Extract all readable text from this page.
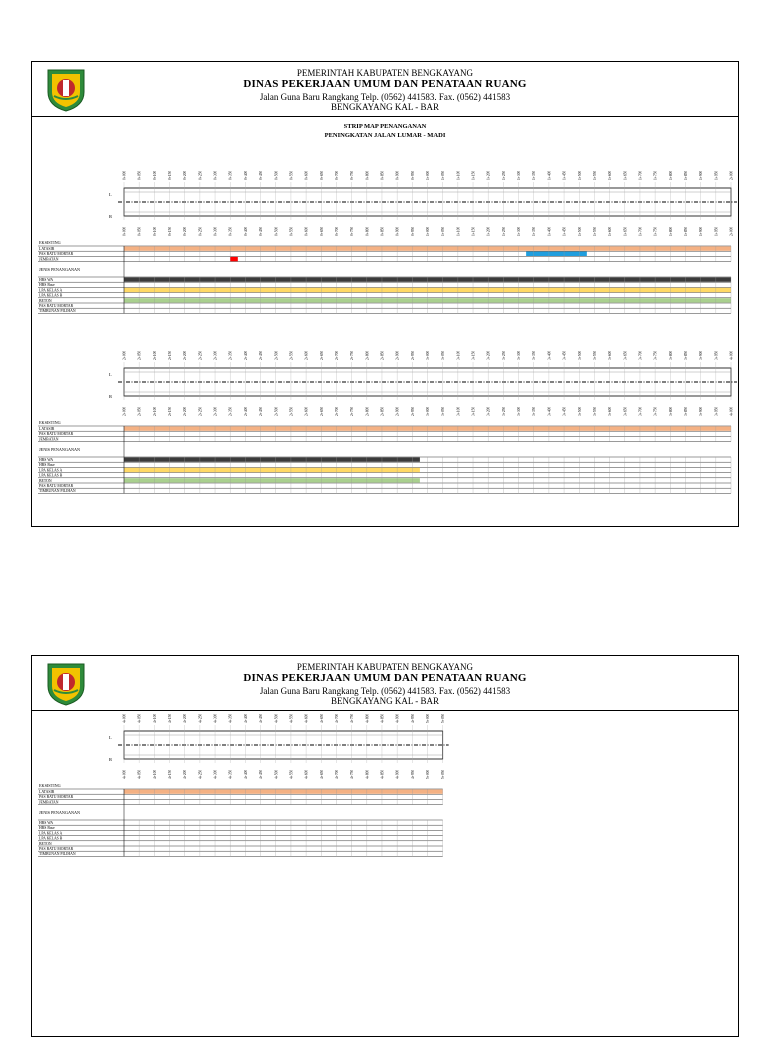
PEMERINTAH KABUPATEN BENGKAYANG
DINAS PEKERJAAN UMUM DAN PENATAAN RUANG
Jalan Guna Baru Rangkang Telp. (0562) 441583. Fax. (0562) 441583
BENGKAYANG KAL - BAR
STRIP MAP PENANGANAN
PENINGKATAN JALAN LUMAR - MADI
0+000	0+050	0+100	0+150	0+200	0+250	0+300	0+350	0+400	0+450	0+500	0+550	0+600	0+650	0+700	0+750	0+800	0+850	0+900	0+950	1+000	1+050	1+100	1+150	1+200	1+250	1+300	1+350	1+400	1+450	1+500	1+550	1+600	1+650	1+700	1+750	1+800	1+850	1+900	1+950	2+000
L
R
0+000	0+050	0+100	0+150	0+200	0+250	0+300	0+350	0+400	0+450	0+500	0+550	0+600	0+650	0+700	0+750	0+800	0+850	0+900	0+950	1+000	1+050	1+100	1+150	1+200	1+250	1+300	1+350	1+400	1+450	1+500	1+550	1+600	1+650	1+700	1+750	1+800	1+850	1+900	1+950	2+000
EKSISTING
LATASIR
PAS BATU MORTAR
JEMBATAN
JENIS PENANGANAN
HRS WA
HRS Base
LPA KELAS A
LPA KELAS B
BETON
PAS BATU MORTAR
TIMBUNAN PILIHAN
2+000	2+050	2+100	2+150	2+200	2+250	2+300	2+350	2+400	2+450	2+500	2+550	2+600	2+650	2+700	2+750	2+800	2+850	2+900	2+950	3+000	3+050	3+100	3+150	3+200	3+250	3+300	3+350	3+400	3+450	3+500	3+550	3+600	3+650	3+700	3+750	3+800	3+850	3+900	3+950	4+000
L
R
2+000	2+050	2+100	2+150	2+200	2+250	2+300	2+350	2+400	2+450	2+500	2+550	2+600	2+650	2+700	2+750	2+800	2+850	2+900	2+950	3+000	3+050	3+100	3+150	3+200	3+250	3+300	3+350	3+400	3+450	3+500	3+550	3+600	3+650	3+700	3+750	3+800	3+850	3+900	3+950	4+000
EKSISTING
LATASIR
PAS BATU MORTAR
JEMBATAN
JENIS PENANGANAN
HRS WA
HRS Base
LPA KELAS A
LPA KELAS B
BETON
PAS BATU MORTAR
TIMBUNAN PILIHAN
PEMERINTAH KABUPATEN BENGKAYANG
DINAS PEKERJAAN UMUM DAN PENATAAN RUANG
Jalan Guna Baru Rangkang Telp. (0562) 441583. Fax. (0562) 441583
BENGKAYANG KAL - BAR
4+000	4+050	4+100	4+150	4+200	4+250	4+300	4+350	4+400	4+450	4+500	4+550	4+600	4+650	4+700	4+750	4+800	4+850	4+900	4+950	5+000	5+050
L
R
4+000	4+050	4+100	4+150	4+200	4+250	4+300	4+350	4+400	4+450	4+500	4+550	4+600	4+650	4+700	4+750	4+800	4+850	4+900	4+950	5+000	5+050
EKSISTING
LATASIR
PAS BATU MORTAR
JEMBATAN
JENIS PENANGANAN
HRS WA
HRS Base
LPA KELAS A
LPA KELAS B
BETON
PAS BATU MORTAR
TIMBUNAN PILIHAN
